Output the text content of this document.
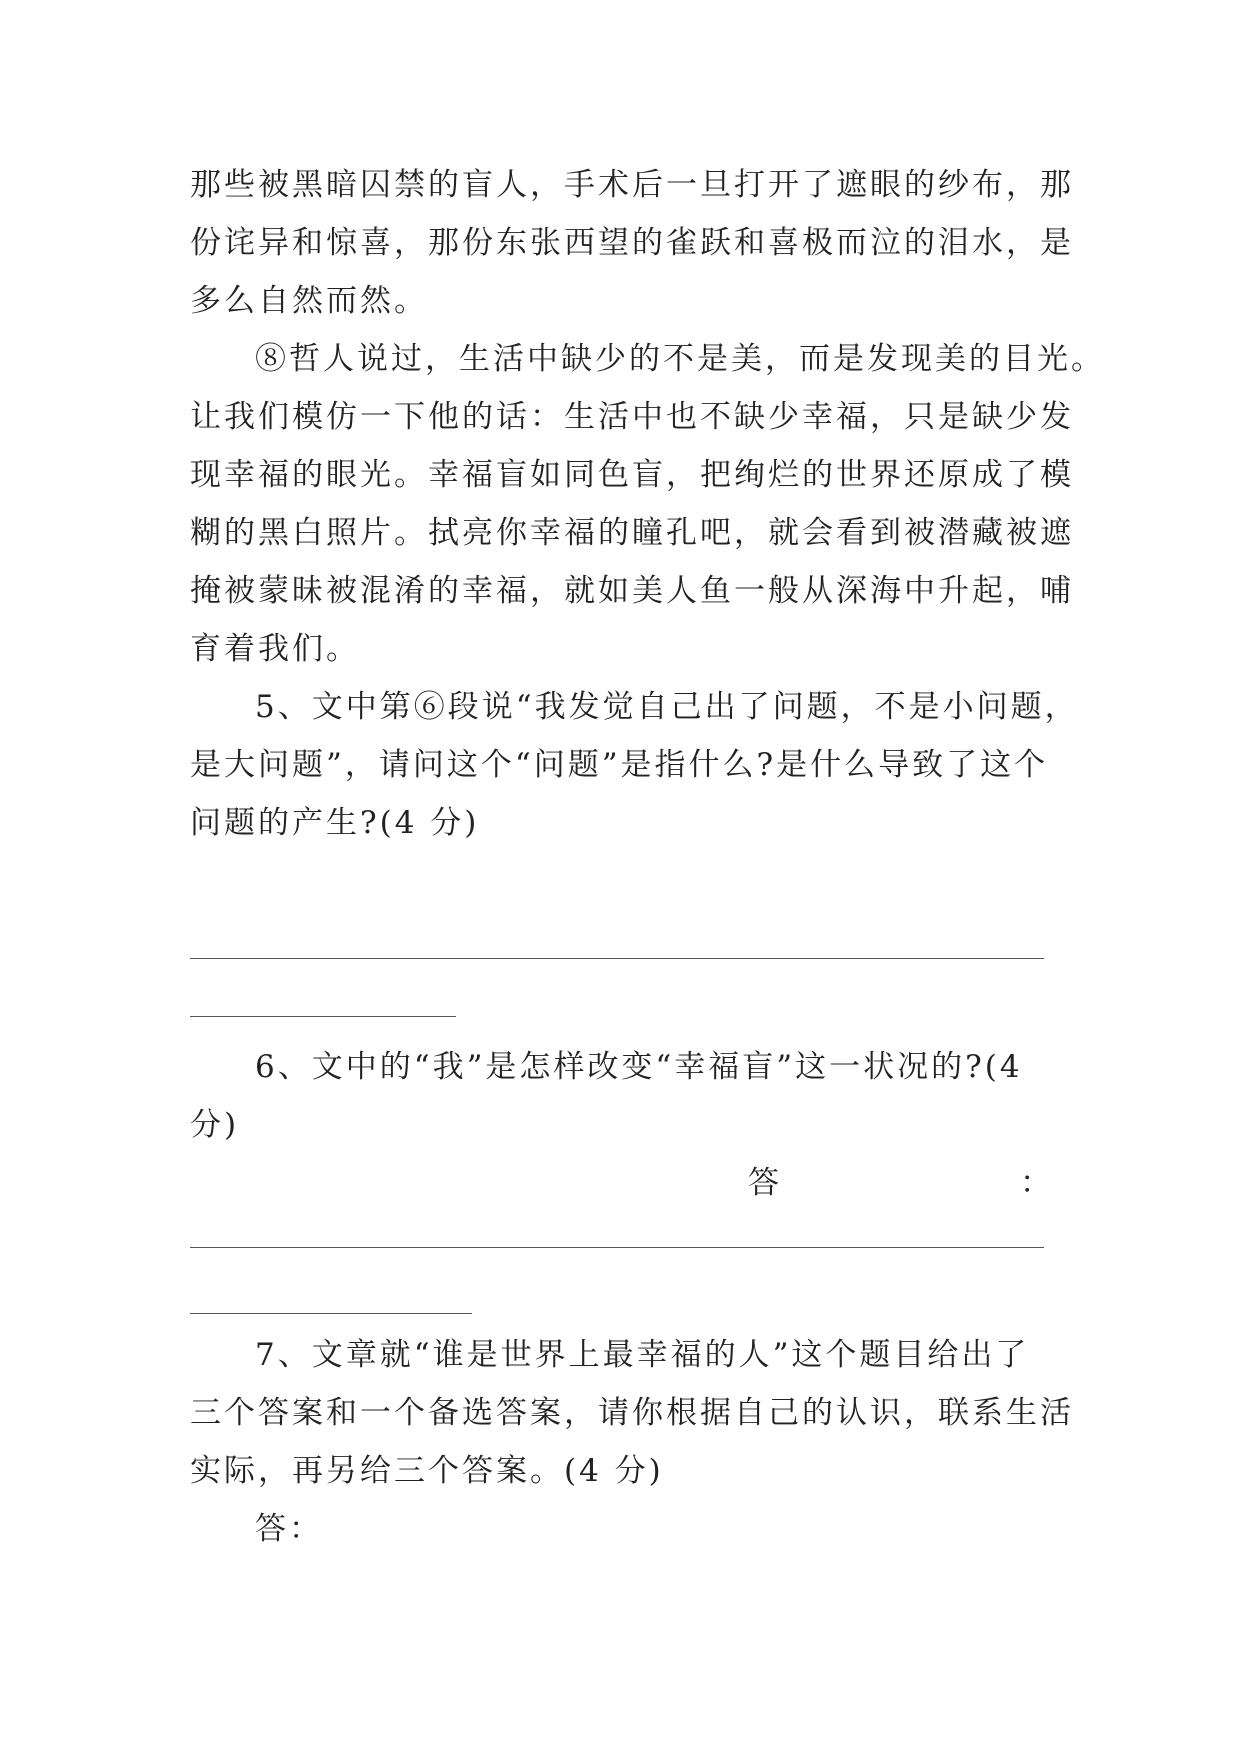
那些被黑暗囚禁的盲人，手术后一旦打开了遮眼的纱布，那
份诧异和惊喜，那份东张西望的雀跃和喜极而泣的泪水，是
多么自然而然。
⑧哲人说过，生活中缺少的不是美，而是发现美的目光。
让我们模仿一下他的话：生活中也不缺少幸福，只是缺少发
现幸福的眼光。幸福盲如同色盲，把绚烂的世界还原成了模
糊的黑白照片。拭亮你幸福的瞳孔吧，就会看到被潜藏被遮
掩被蒙昧被混淆的幸福，就如美人鱼一般从深海中升起，哺
育着我们。
5、文中第⑥段说“我发觉自己出了问题，不是小问题，
是大问题”，请问这个“问题”是指什么?是什么导致了这个
问题的产生?(4 分)
6、文中的“我”是怎样改变“幸福盲”这一状况的?(4
分)
答	：
7、文章就“谁是世界上最幸福的人”这个题目给出了
三个答案和一个备选答案，请你根据自己的认识，联系生活
实际，再另给三个答案。(4 分)
答：
